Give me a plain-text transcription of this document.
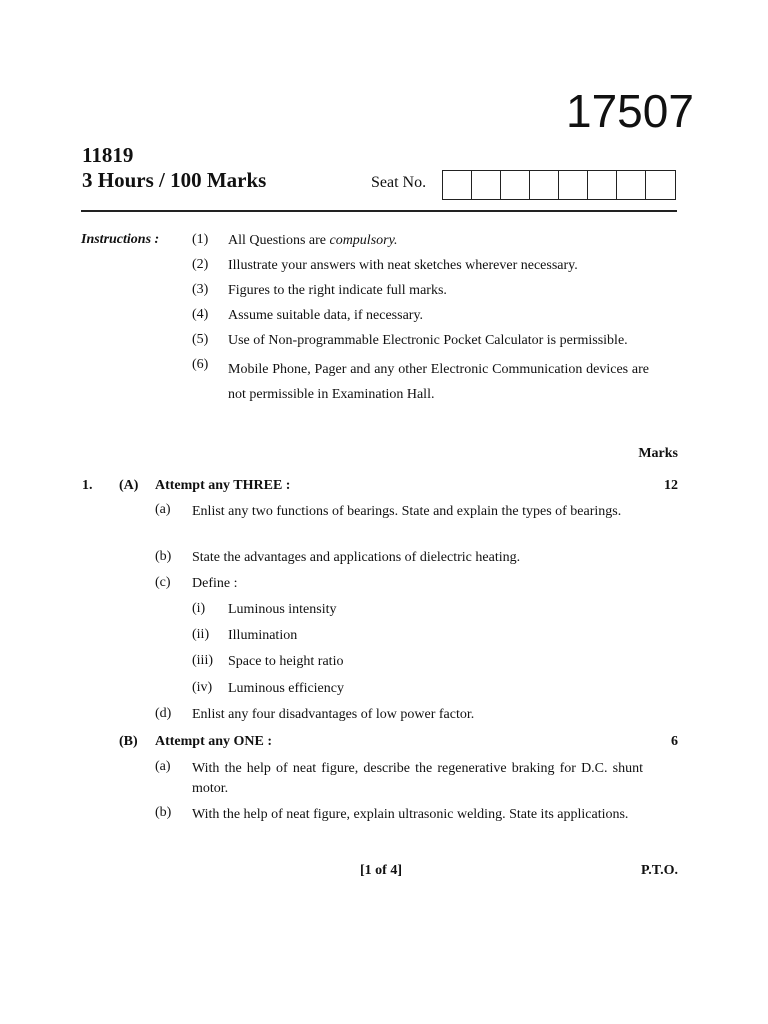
17507
11819
3 Hours / 100 Marks	Seat No.
Instructions : (1) All Questions are compulsory.
(2) Illustrate your answers with neat sketches wherever necessary.
(3) Figures to the right indicate full marks.
(4) Assume suitable data, if necessary.
(5) Use of Non-programmable Electronic Pocket Calculator is permissible.
(6) Mobile Phone, Pager and any other Electronic Communication devices are not permissible in Examination Hall.
Marks
1. (A) Attempt any THREE :	12
(a) Enlist any two functions of bearings. State and explain the types of bearings.
(b) State the advantages and applications of dielectric heating.
(c) Define :
(i) Luminous intensity
(ii) Illumination
(iii) Space to height ratio
(iv) Luminous efficiency
(d) Enlist any four disadvantages of low power factor.
(B) Attempt any ONE :	6
(a) With the help of neat figure, describe the regenerative braking for D.C. shunt motor.
(b) With the help of neat figure, explain ultrasonic welding. State its applications.
[1 of 4]	P.T.O.
